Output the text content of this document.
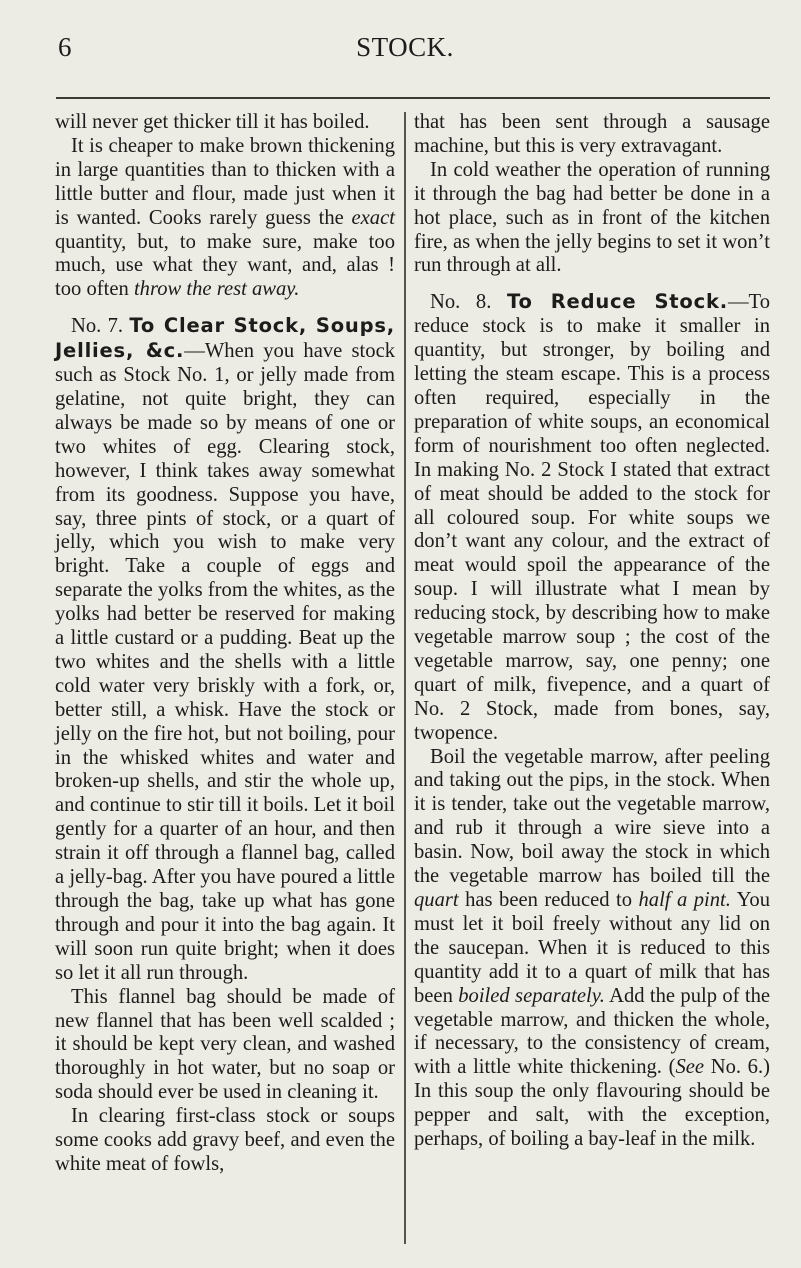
6	STOCK.

will never get thicker till it has boiled.

It is cheaper to make brown thickening in large quantities than to thicken with a little butter and flour, made just when it is wanted. Cooks rarely guess the exact quantity, but, to make sure, make too much, use what they want, and, alas ! too often throw the rest away.

No. 7. To Clear Stock, Soups, Jellies, &c.—When you have stock such as Stock No. 1, or jelly made from gelatine, not quite bright, they can always be made so by means of one or two whites of egg. Clearing stock, however, I think takes away somewhat from its goodness. Suppose you have, say, three pints of stock, or a quart of jelly, which you wish to make very bright. Take a couple of eggs and separate the yolks from the whites, as the yolks had better be reserved for making a little custard or a pudding. Beat up the two whites and the shells with a little cold water very briskly with a fork, or, better still, a whisk. Have the stock or jelly on the fire hot, but not boiling, pour in the whisked whites and water and broken-up shells, and stir the whole up, and continue to stir till it boils. Let it boil gently for a quarter of an hour, and then strain it off through a flannel bag, called a jelly-bag. After you have poured a little through the bag, take up what has gone through and pour it into the bag again. It will soon run quite bright; when it does so let it all run through.

This flannel bag should be made of new flannel that has been well scalded ; it should be kept very clean, and washed thoroughly in hot water, but no soap or soda should ever be used in cleaning it.

In clearing first-class stock or soups some cooks add gravy beef, and even the white meat of fowls,

that has been sent through a sausage machine, but this is very extravagant.

In cold weather the operation of running it through the bag had better be done in a hot place, such as in front of the kitchen fire, as when the jelly begins to set it won’t run through at all.

No. 8. To Reduce Stock.—To reduce stock is to make it smaller in quantity, but stronger, by boiling and letting the steam escape. This is a process often required, especially in the preparation of white soups, an economical form of nourishment too often neglected. In making No. 2 Stock I stated that extract of meat should be added to the stock for all coloured soup. For white soups we don’t want any colour, and the extract of meat would spoil the appearance of the soup. I will illustrate what I mean by reducing stock, by describing how to make vegetable marrow soup ; the cost of the vegetable marrow, say, one penny; one quart of milk, fivepence, and a quart of No. 2 Stock, made from bones, say, twopence.

Boil the vegetable marrow, after peeling and taking out the pips, in the stock. When it is tender, take out the vegetable marrow, and rub it through a wire sieve into a basin. Now, boil away the stock in which the vegetable marrow has boiled till the quart has been reduced to half a pint. You must let it boil freely without any lid on the saucepan. When it is reduced to this quantity add it to a quart of milk that has been boiled separately. Add the pulp of the vegetable marrow, and thicken the whole, if necessary, to the consistency of cream, with a little white thickening. (See No. 6.) In this soup the only flavouring should be pepper and salt, with the exception, perhaps, of boiling a bay-leaf in the milk.
